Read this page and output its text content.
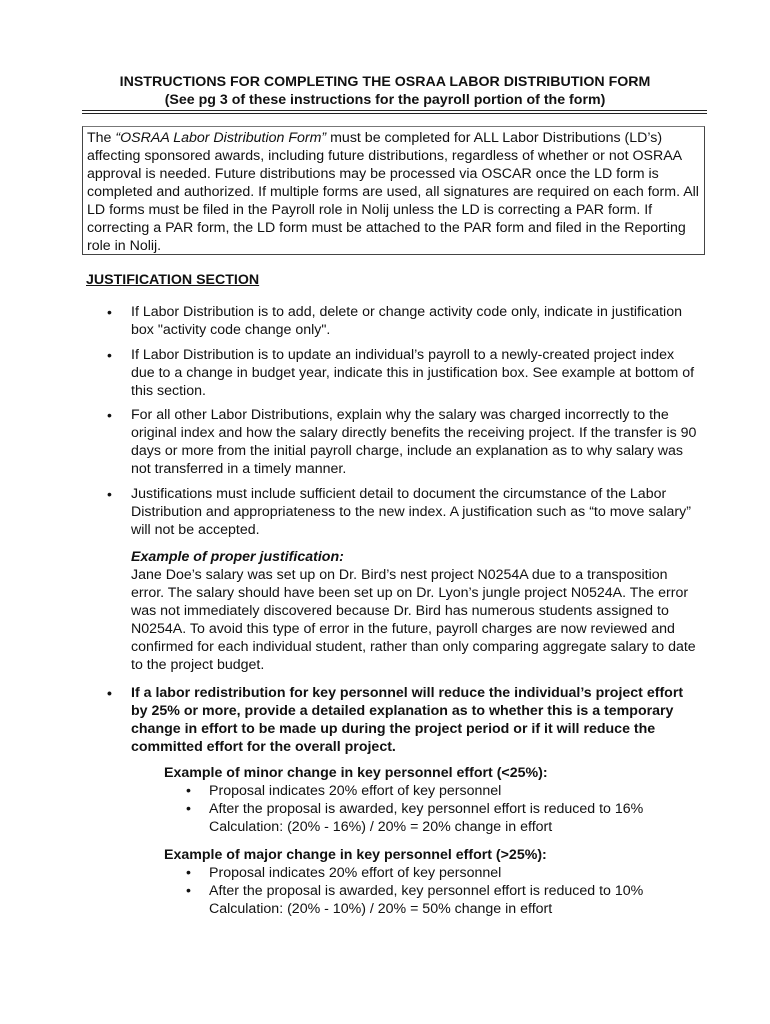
INSTRUCTIONS FOR COMPLETING THE OSRAA LABOR DISTRIBUTION FORM
(See pg 3 of these instructions for the payroll portion of the form)

The “OSRAA Labor Distribution Form” must be completed for ALL Labor Distributions (LD’s) affecting sponsored awards, including future distributions, regardless of whether or not OSRAA approval is needed. Future distributions may be processed via OSCAR once the LD form is completed and authorized. If multiple forms are used, all signatures are required on each form. All LD forms must be filed in the Payroll role in Nolij unless the LD is correcting a PAR form. If correcting a PAR form, the LD form must be attached to the PAR form and filed in the Reporting role in Nolij.

JUSTIFICATION SECTION
•	If Labor Distribution is to add, delete or change activity code only, indicate in justification box "activity code change only".
•	If Labor Distribution is to update an individual’s payroll to a newly-created project index due to a change in budget year, indicate this in justification box. See example at bottom of this section.
•	For all other Labor Distributions, explain why the salary was charged incorrectly to the original index and how the salary directly benefits the receiving project. If the transfer is 90 days or more from the initial payroll charge, include an explanation as to why salary was not transferred in a timely manner.
•	Justifications must include sufficient detail to document the circumstance of the Labor Distribution and appropriateness to the new index. A justification such as “to move salary” will not be accepted.
Example of proper justification:
Jane Doe’s salary was set up on Dr. Bird’s nest project N0254A due to a transposition error. The salary should have been set up on Dr. Lyon’s jungle project N0524A. The error was not immediately discovered because Dr. Bird has numerous students assigned to N0254A. To avoid this type of error in the future, payroll charges are now reviewed and confirmed for each individual student, rather than only comparing aggregate salary to date to the project budget.
•	If a labor redistribution for key personnel will reduce the individual’s project effort by 25% or more, provide a detailed explanation as to whether this is a temporary change in effort to be made up during the project period or if it will reduce the committed effort for the overall project.
Example of minor change in key personnel effort (<25%):
• Proposal indicates 20% effort of key personnel
• After the proposal is awarded, key personnel effort is reduced to 16% Calculation: (20% - 16%) / 20% = 20% change in effort
Example of major change in key personnel effort (>25%):
• Proposal indicates 20% effort of key personnel
• After the proposal is awarded, key personnel effort is reduced to 10% Calculation: (20% - 10%) / 20% = 50% change in effort
